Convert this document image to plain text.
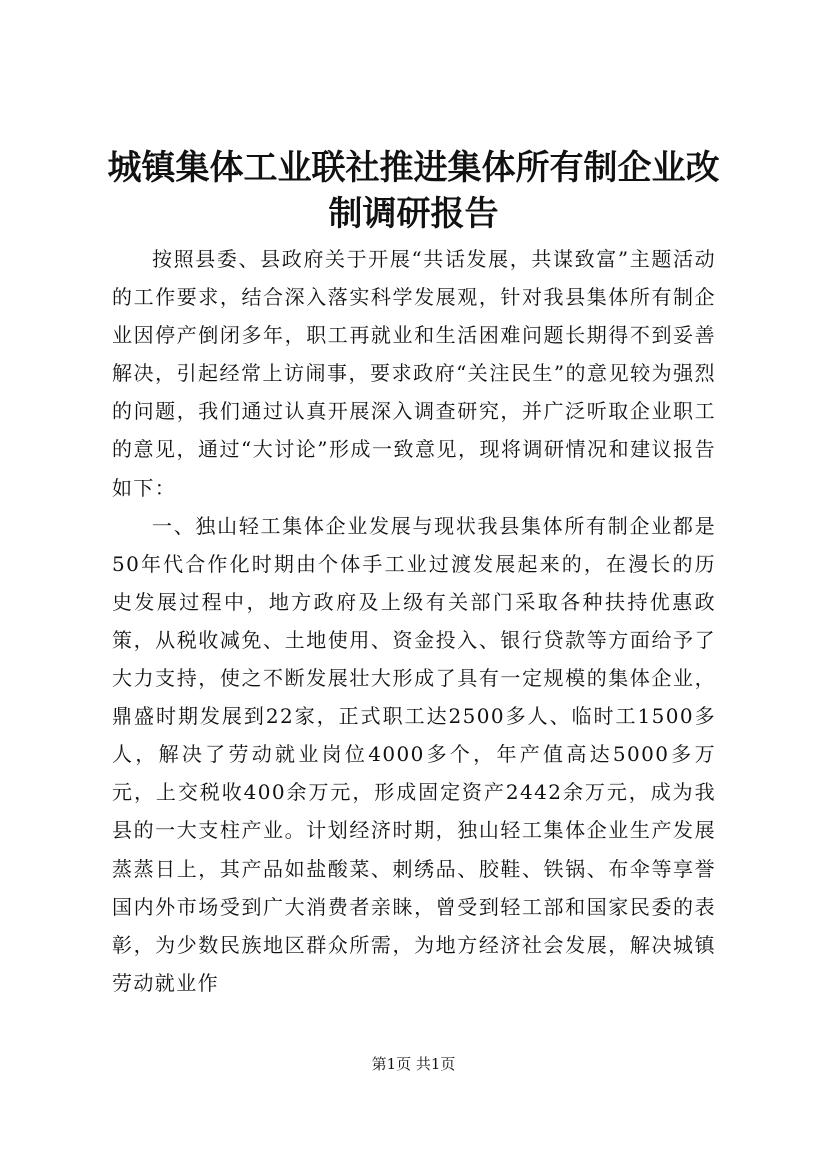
城镇集体工业联社推进集体所有制企业改制调研报告

按照县委、县政府关于开展“共话发展，共谋致富”主题活动的工作要求，结合深入落实科学发展观，针对我县集体所有制企业因停产倒闭多年，职工再就业和生活困难问题长期得不到妥善解决，引起经常上访闹事，要求政府“关注民生”的意见较为强烈的问题，我们通过认真开展深入调查研究，并广泛听取企业职工的意见，通过“大讨论”形成一致意见，现将调研情况和建议报告如下：

一、独山轻工集体企业发展与现状我县集体所有制企业都是50年代合作化时期由个体手工业过渡发展起来的，在漫长的历史发展过程中，地方政府及上级有关部门采取各种扶持优惠政策，从税收减免、土地使用、资金投入、银行贷款等方面给予了大力支持，使之不断发展壮大形成了具有一定规模的集体企业，鼎盛时期发展到22家，正式职工达2500多人、临时工1500多人，解决了劳动就业岗位4000多个，年产值高达5000多万元，上交税收400余万元，形成固定资产2442余万元，成为我县的一大支柱产业。计划经济时期，独山轻工集体企业生产发展蒸蒸日上，其产品如盐酸菜、刺绣品、胶鞋、铁锅、布伞等享誉国内外市场受到广大消费者亲睐，曾受到轻工部和国家民委的表彰，为少数民族地区群众所需，为地方经济社会发展，解决城镇劳动就业作

第1页 共1页
